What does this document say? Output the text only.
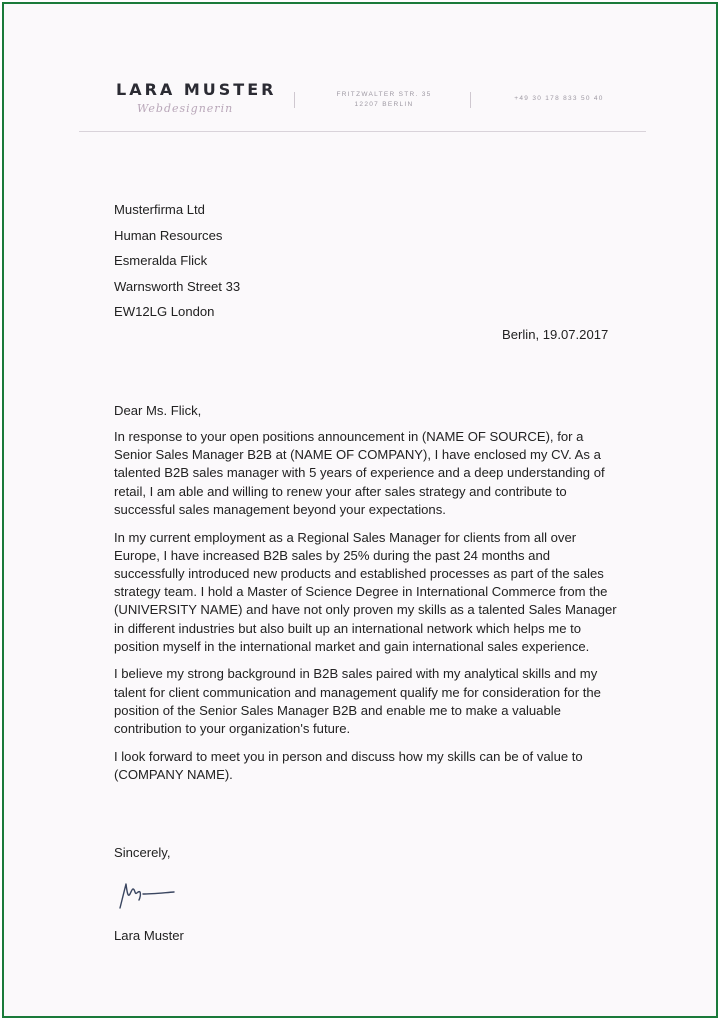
LARA MUSTER
Webdesignerin
FRITZWALTER STR. 35
12207 BERLIN
+49 30 178 833 50 40
Musterfirma Ltd
Human Resources
Esmeralda Flick
Warnsworth Street 33
EW12LG London
Berlin, 19.07.2017
Dear Ms. Flick,

In response to your open positions announcement in (NAME OF SOURCE), for a Senior Sales Manager B2B at (NAME OF COMPANY), I have enclosed my CV. As a talented B2B sales manager with 5 years of experience and a deep understanding of retail, I am able and willing to renew your after sales strategy and contribute to successful sales management beyond your expectations.

In my current employment as a Regional Sales Manager for clients from all over Europe, I have increased B2B sales by 25% during the past 24 months and successfully introduced new products and established processes as part of the sales strategy team. I hold a Master of Science Degree in International Commerce from the (UNIVERSITY NAME) and have not only proven my skills as a talented Sales Manager in different industries but also built up an international network which helps me to position myself in the international market and gain international sales experience.

I believe my strong background in B2B sales paired with my analytical skills and my talent for client communication and management qualify me for consideration for the position of the Senior Sales Manager B2B and enable me to make a valuable contribution to your organization's future.

I look forward to meet you in person and discuss how my skills can be of value to (COMPANY NAME).

Sincerely,
Lara Muster
